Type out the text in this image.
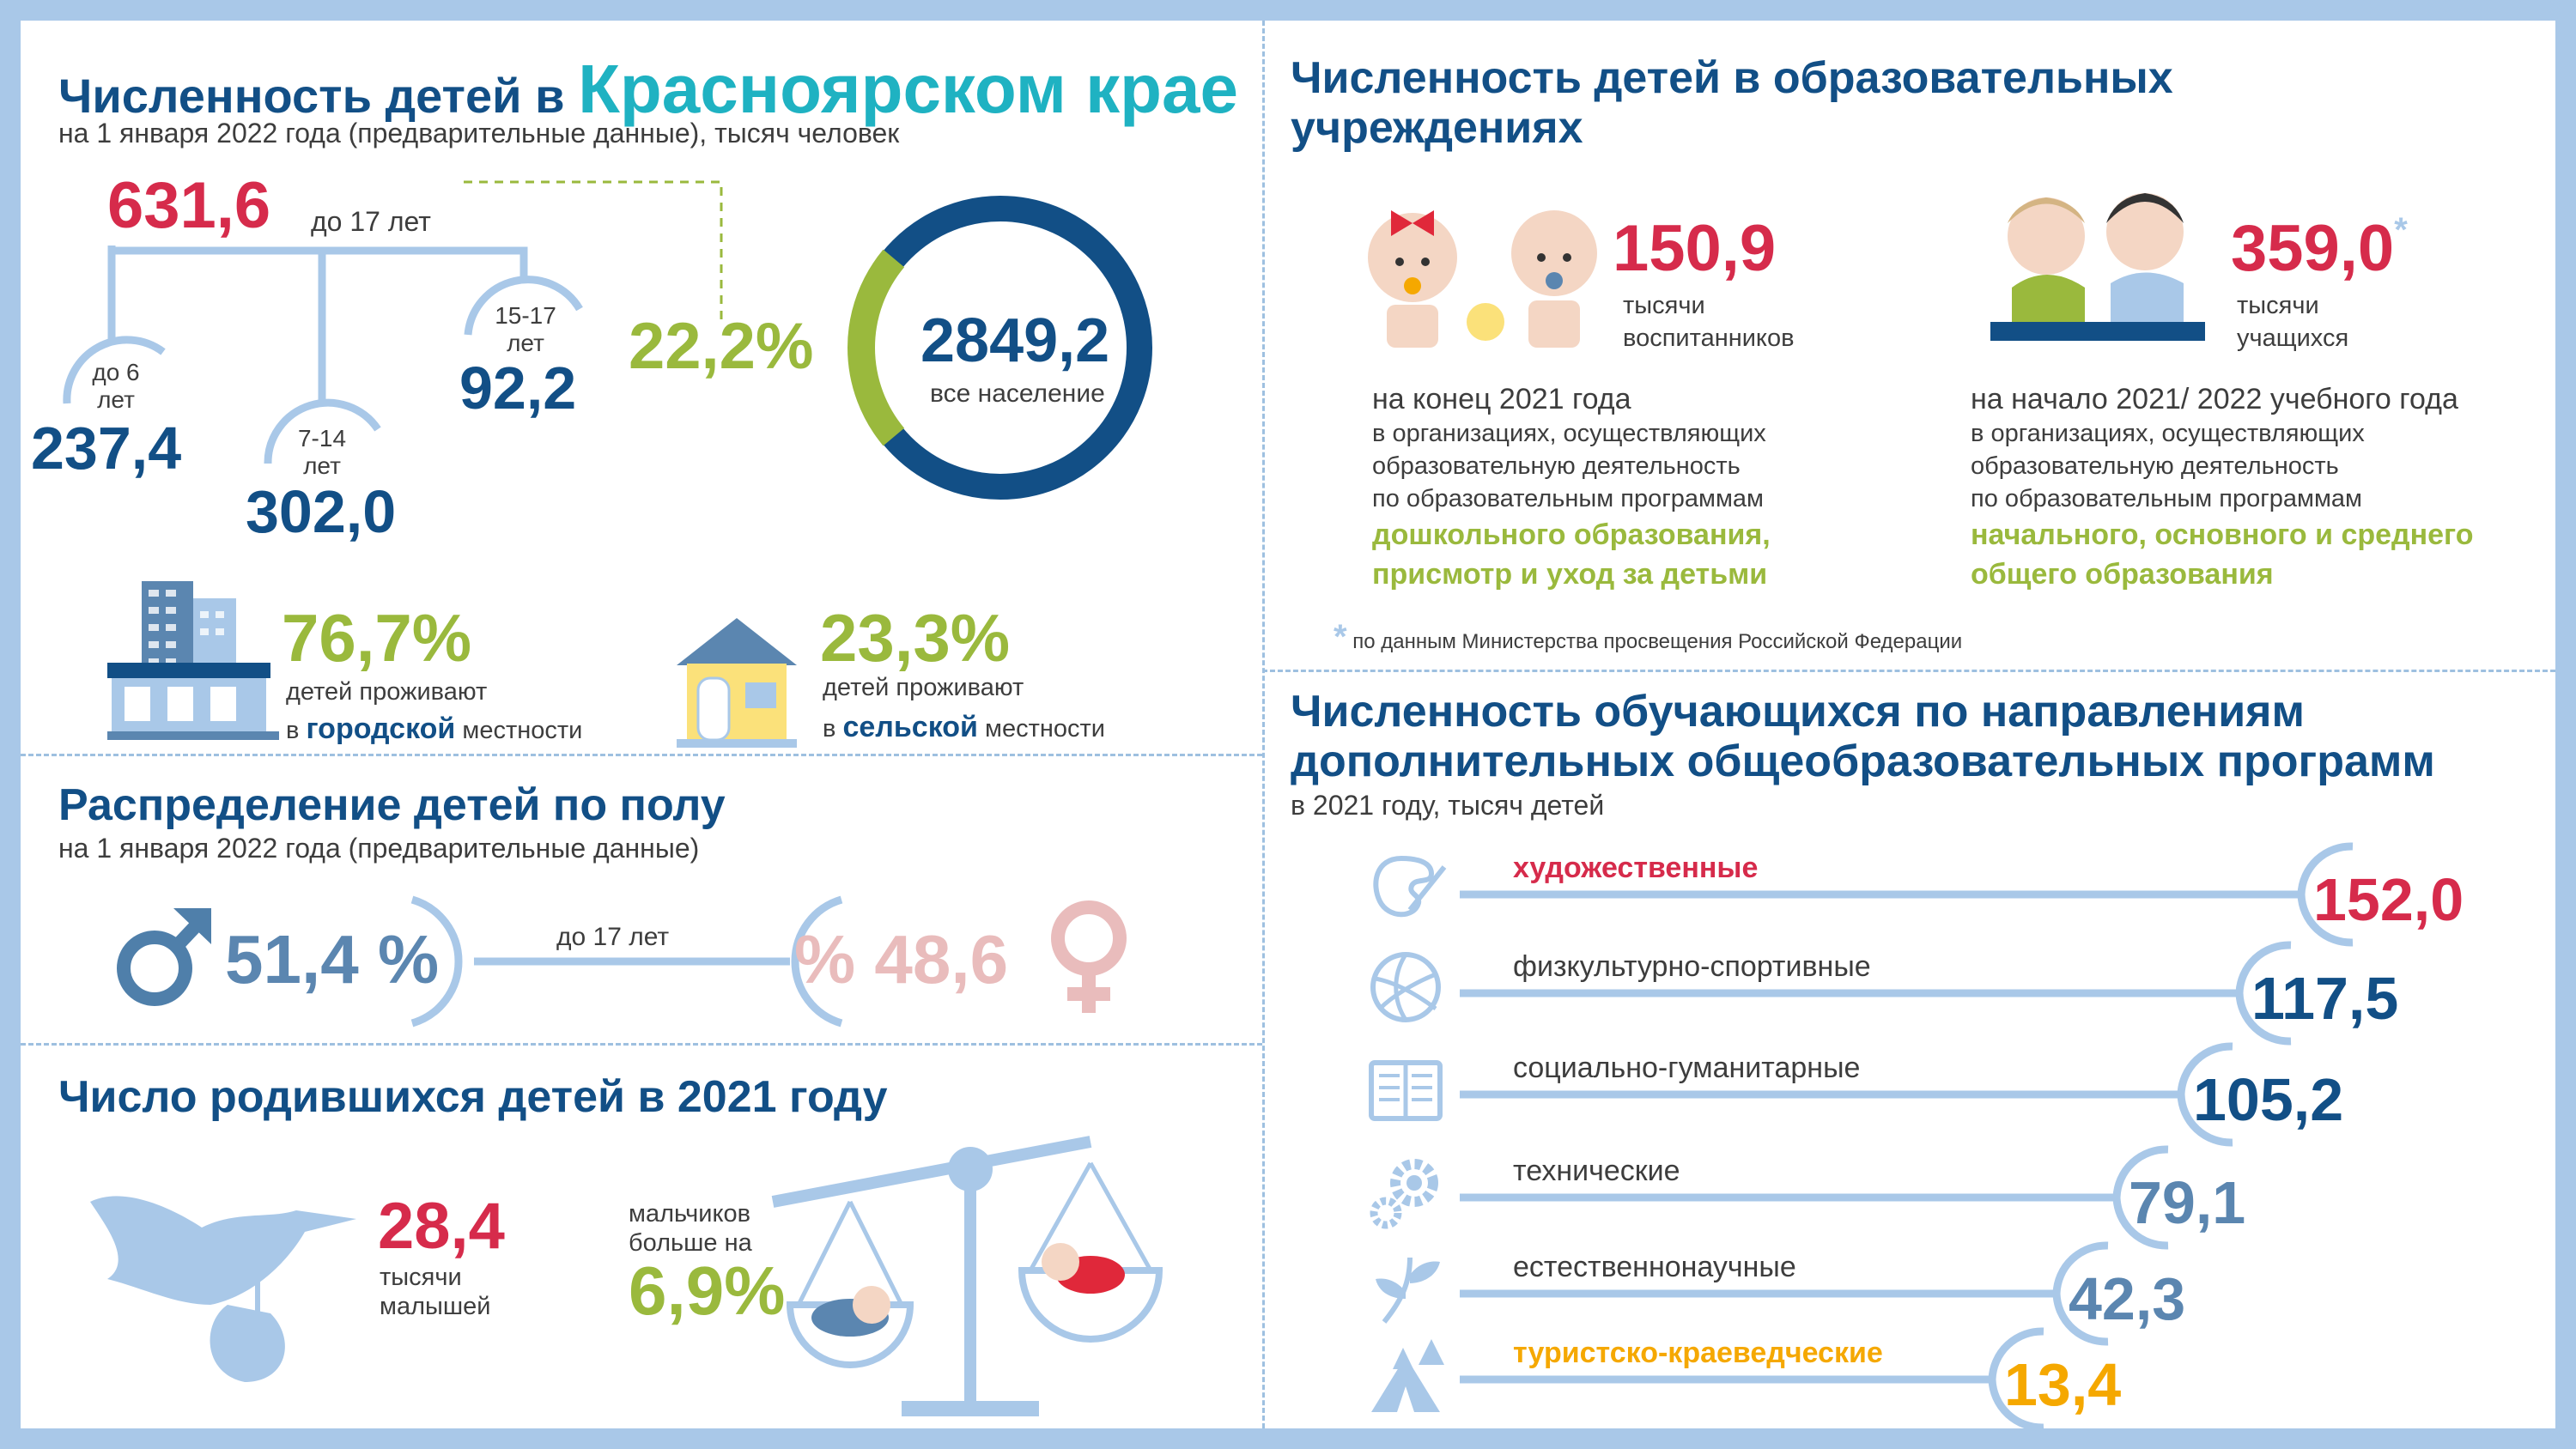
Численность детей в Красноярском крае
на 1 января 2022 года (предварительные данные), тысяч человек
631,6 до 17 лет
до 6
лет
237,4	7-14
лет
302,0
15-17
лет
92,2
22,2% 2849,2
все население
76,7%
детей проживают
в городской местности
23,3%
детей проживают
в сельской местности
Распределение детей по полу
на 1 января 2022 года (предварительные данные)
51,4 %	до 17 лет % 48,6
Число родившихся детей в 2021 году
28,4
тысячи
малышей
мальчиков
больше на
6,9%
Численность детей в образовательных
учреждениях
150,9
тысячи
воспитанников
на конец 2021 года
в организациях, осуществляющих
образовательную деятельность
по образовательным программам
дошкольного образования,
присмотр и уход за детьми
359,0*
тысячи
учащихся
на начало 2021/ 2022 учебного года
в организациях, осуществляющих
образовательную деятельность
по образовательным программам
начального, основного и среднего
общего образования
* по данным Министерства просвещения Российской Федерации
Численность обучающихся по направлениям
дополнительных общеобразовательных программ
в 2021 году, тысяч детей
художественные	152,0
физкультурно-спортивные	117,5
социально-гуманитарные	105,2
технические	79,1
естественнонаучные	42,3
туристско-краеведческие 13,4
